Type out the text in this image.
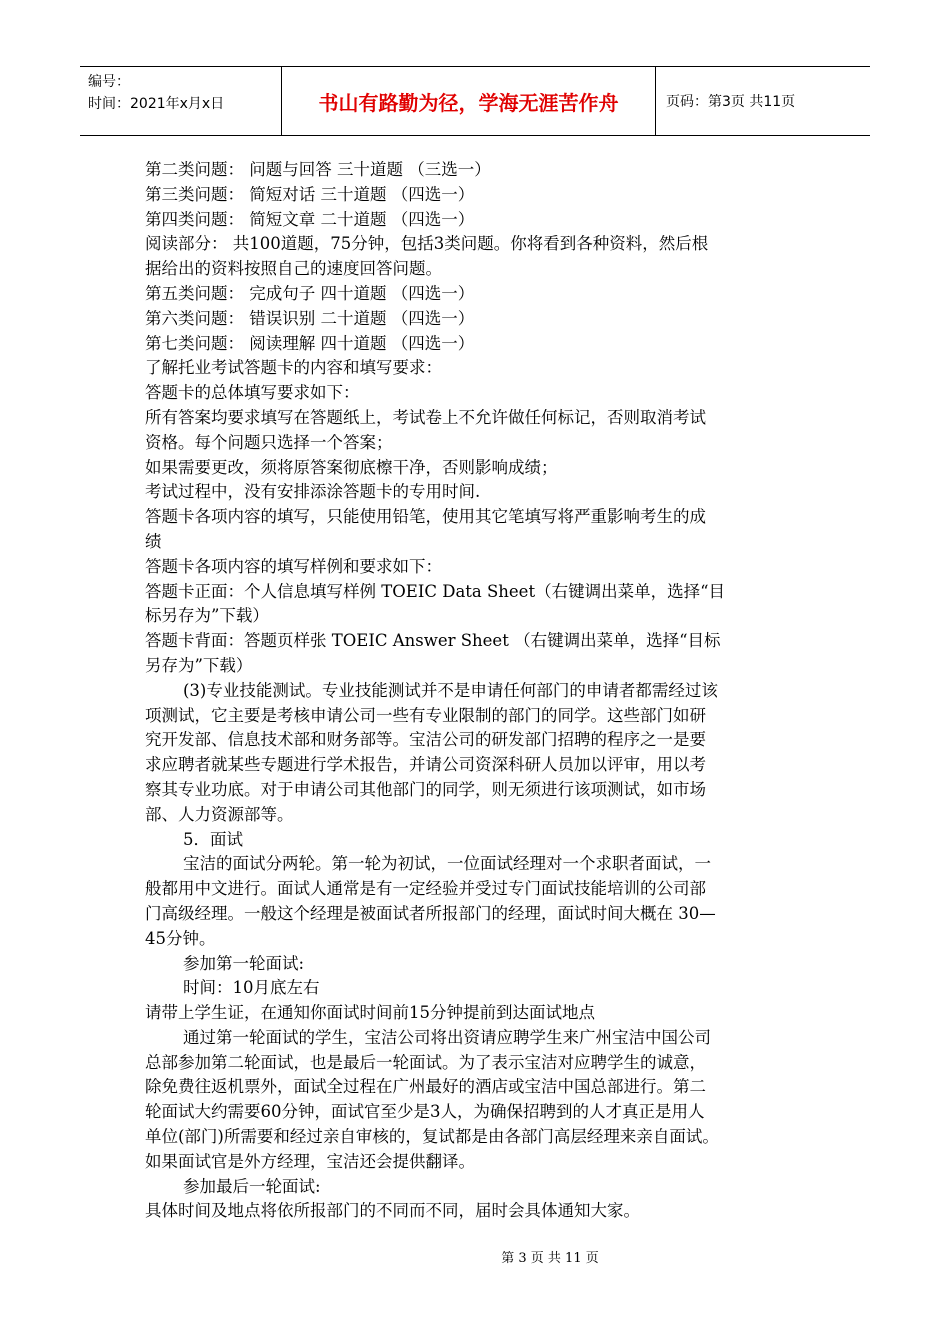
编号：
时间：2021年x月x日	书山有路勤为径，学海无涯苦作舟	页码：第3页 共11页

第二类问题： 问题与回答 三十道题 （三选一）

第三类问题： 简短对话 三十道题 （四选一）

第四类问题： 简短文章 二十道题 （四选一）

阅读部分： 共100道题，75分钟，包括3类问题。你将看到各种资料，然后根

据给出的资料按照自己的速度回答问题。

第五类问题： 完成句子 四十道题 （四选一）

第六类问题： 错误识别 二十道题 （四选一）

第七类问题： 阅读理解 四十道题 （四选一）

了解托业考试答题卡的内容和填写要求：

答题卡的总体填写要求如下：

所有答案均要求填写在答题纸上，考试卷上不允许做任何标记，否则取消考试

资格。每个问题只选择一个答案；

如果需要更改，须将原答案彻底檫干净，否则影响成绩；

考试过程中，没有安排添涂答题卡的专用时间.

答题卡各项内容的填写，只能使用铅笔，使用其它笔填写将严重影响考生的成

绩

答题卡各项内容的填写样例和要求如下：

答题卡正面：个人信息填写样例 TOEIC Data Sheet（右键调出菜单，选择“目

标另存为”下载）

答题卡背面：答题页样张 TOEIC Answer Sheet （右键调出菜单，选择“目标

另存为”下载）

(3)专业技能测试。专业技能测试并不是申请任何部门的申请者都需经过该

项测试，它主要是考核申请公司一些有专业限制的部门的同学。这些部门如研

究开发部、信息技术部和财务部等。宝洁公司的研发部门招聘的程序之一是要

求应聘者就某些专题进行学术报告，并请公司资深科研人员加以评审，用以考

察其专业功底。对于申请公司其他部门的同学，则无须进行该项测试，如市场

部、人力资源部等。

5．面试

宝洁的面试分两轮。第一轮为初试，一位面试经理对一个求职者面试，一

般都用中文进行。面试人通常是有一定经验并受过专门面试技能培训的公司部

门高级经理。一般这个经理是被面试者所报部门的经理，面试时间大概在 30—

45分钟。

参加第一轮面试:

时间：10月底左右

请带上学生证，在通知你面试时间前15分钟提前到达面试地点

通过第一轮面试的学生，宝洁公司将出资请应聘学生来广州宝洁中国公司

总部参加第二轮面试，也是最后一轮面试。为了表示宝洁对应聘学生的诚意，

除免费往返机票外，面试全过程在广州最好的酒店或宝洁中国总部进行。第二

轮面试大约需要60分钟，面试官至少是3人，为确保招聘到的人才真正是用人

单位(部门)所需要和经过亲自审核的，复试都是由各部门高层经理来亲自面试。

如果面试官是外方经理，宝洁还会提供翻译。

参加最后一轮面试:

具体时间及地点将依所报部门的不同而不同，届时会具体通知大家。

第 3 页 共 11 页
